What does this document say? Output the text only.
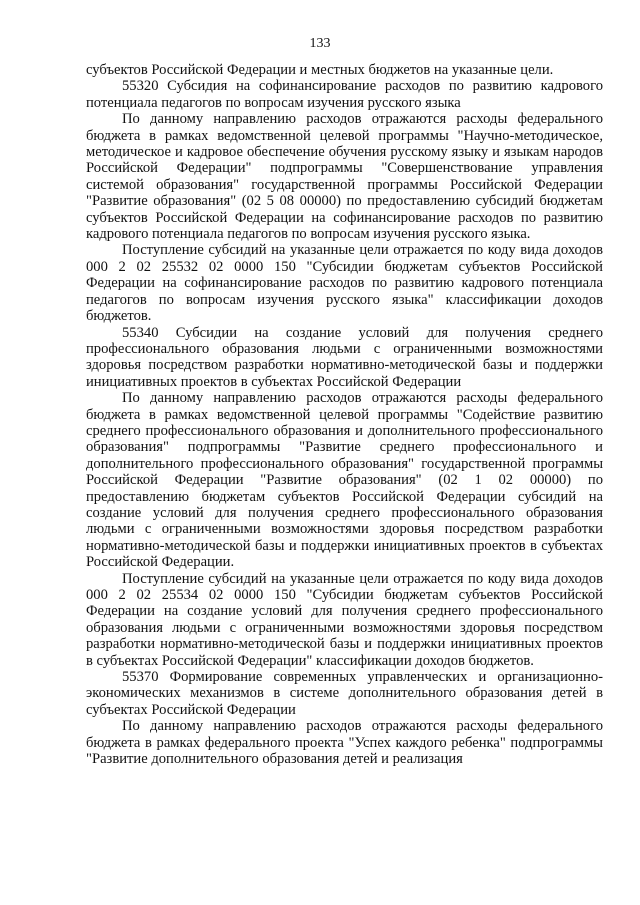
133

субъектов Российской Федерации и местных бюджетов на указанные цели.

55320 Субсидия на софинансирование расходов по развитию кадрового потенциала педагогов по вопросам изучения русского языка

По данному направлению расходов отражаются расходы федерального бюджета в рамках ведомственной целевой программы "Научно-методическое, методическое и кадровое обеспечение обучения русскому языку и языкам народов Российской Федерации" подпрограммы "Совершенствование управления системой образования" государственной программы Российской Федерации "Развитие образования" (02 5 08 00000) по предоставлению субсидий бюджетам субъектов Российской Федерации на софинансирование расходов по развитию кадрового потенциала педагогов по вопросам изучения русского языка.

Поступление субсидий на указанные цели отражается по коду вида доходов 000 2 02 25532 02 0000 150 "Субсидии бюджетам субъектов Российской Федерации на софинансирование расходов по развитию кадрового потенциала педагогов по вопросам изучения русского языка" классификации доходов бюджетов.

55340 Субсидии на создание условий для получения среднего профессионального образования людьми с ограниченными возможностями здоровья посредством разработки нормативно-методической базы и поддержки инициативных проектов в субъектах Российской Федерации

По данному направлению расходов отражаются расходы федерального бюджета в рамках ведомственной целевой программы "Содействие развитию среднего профессионального образования и дополнительного профессионального образования" подпрограммы "Развитие среднего профессионального и дополнительного профессионального образования" государственной программы Российской Федерации "Развитие образования" (02 1 02 00000) по предоставлению бюджетам субъектов Российской Федерации субсидий на создание условий для получения среднего профессионального образования людьми с ограниченными возможностями здоровья посредством разработки нормативно-методической базы и поддержки инициативных проектов в субъектах Российской Федерации.

Поступление субсидий на указанные цели отражается по коду вида доходов 000 2 02 25534 02 0000 150 "Субсидии бюджетам субъектов Российской Федерации на создание условий для получения среднего профессионального образования людьми с ограниченными возможностями здоровья посредством разработки нормативно-методической базы и поддержки инициативных проектов в субъектах Российской Федерации" классификации доходов бюджетов.

55370 Формирование современных управленческих и организационно-экономических механизмов в системе дополнительного образования детей в субъектах Российской Федерации

По данному направлению расходов отражаются расходы федерального бюджета в рамках федерального проекта "Успех каждого ребенка" подпрограммы "Развитие дополнительного образования детей и реализация
